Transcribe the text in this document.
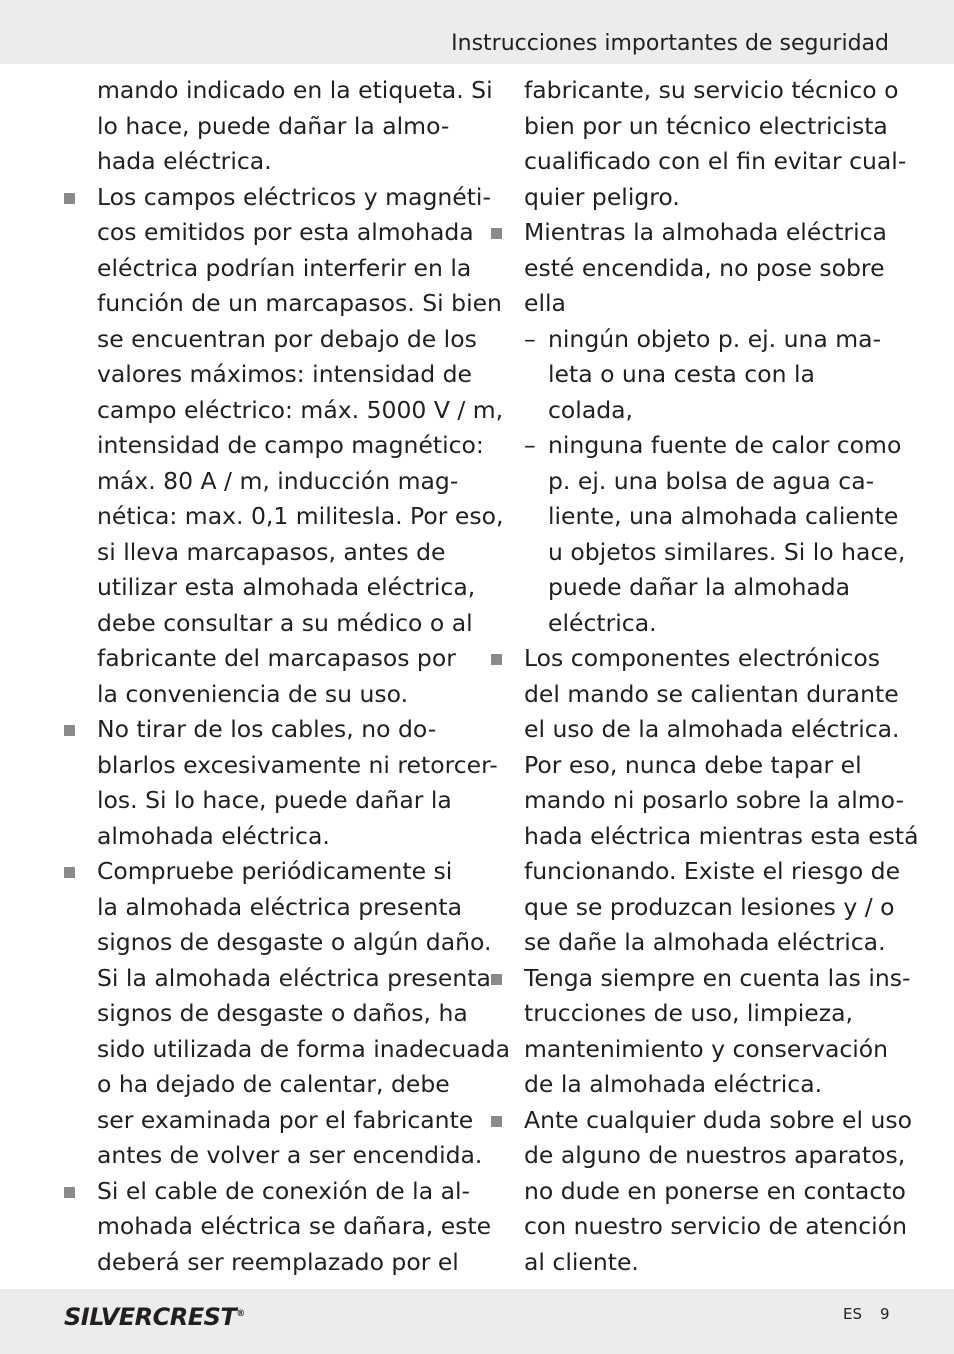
Instrucciones importantes de seguridad
mando indicado en la etiqueta. Si
lo hace, puede dañar la almo-
hada eléctrica.
Los campos eléctricos y magnéti-
cos emitidos por esta almohada
eléctrica podrían interferir en la
función de un marcapasos. Si bien
se encuentran por debajo de los
valores máximos: intensidad de
campo eléctrico: máx. 5000 V / m,
intensidad de campo magnético:
máx. 80 A / m, inducción mag-
nética: max. 0,1 militesla. Por eso,
si lleva marcapasos, antes de
utilizar esta almohada eléctrica,
debe consultar a su médico o al
fabricante del marcapasos por
la conveniencia de su uso.
No tirar de los cables, no do-
blarlos excesivamente ni retorcer-
los. Si lo hace, puede dañar la
almohada eléctrica.
Compruebe periódicamente si
la almohada eléctrica presenta
signos de desgaste o algún daño.
Si la almohada eléctrica presenta
signos de desgaste o daños, ha
sido utilizada de forma inadecuada
o ha dejado de calentar, debe
ser examinada por el fabricante
antes de volver a ser encendida.
Si el cable de conexión de la al-
mohada eléctrica se dañara, este
deberá ser reemplazado por el
fabricante, su servicio técnico o
bien por un técnico electricista
cualificado con el fin evitar cual-
quier peligro.
Mientras la almohada eléctrica
esté encendida, no pose sobre
ella
– ningún objeto p. ej. una ma- leta o una cesta con la colada,
– ninguna fuente de calor como p. ej. una bolsa de agua ca- liente, una almohada caliente u objetos similares. Si lo hace, puede dañar la almohada eléctrica.
Los componentes electrónicos
del mando se calientan durante
el uso de la almohada eléctrica.
Por eso, nunca debe tapar el
mando ni posarlo sobre la almo-
hada eléctrica mientras esta está
funcionando. Existe el riesgo de
que se produzcan lesiones y / o
se dañe la almohada eléctrica.
Tenga siempre en cuenta las ins-
trucciones de uso, limpieza,
mantenimiento y conservación
de la almohada eléctrica.
Ante cualquier duda sobre el uso
de alguno de nuestros aparatos,
no dude en ponerse en contacto
con nuestro servicio de atención
al cliente.
SILVERCREST®	ES 9
